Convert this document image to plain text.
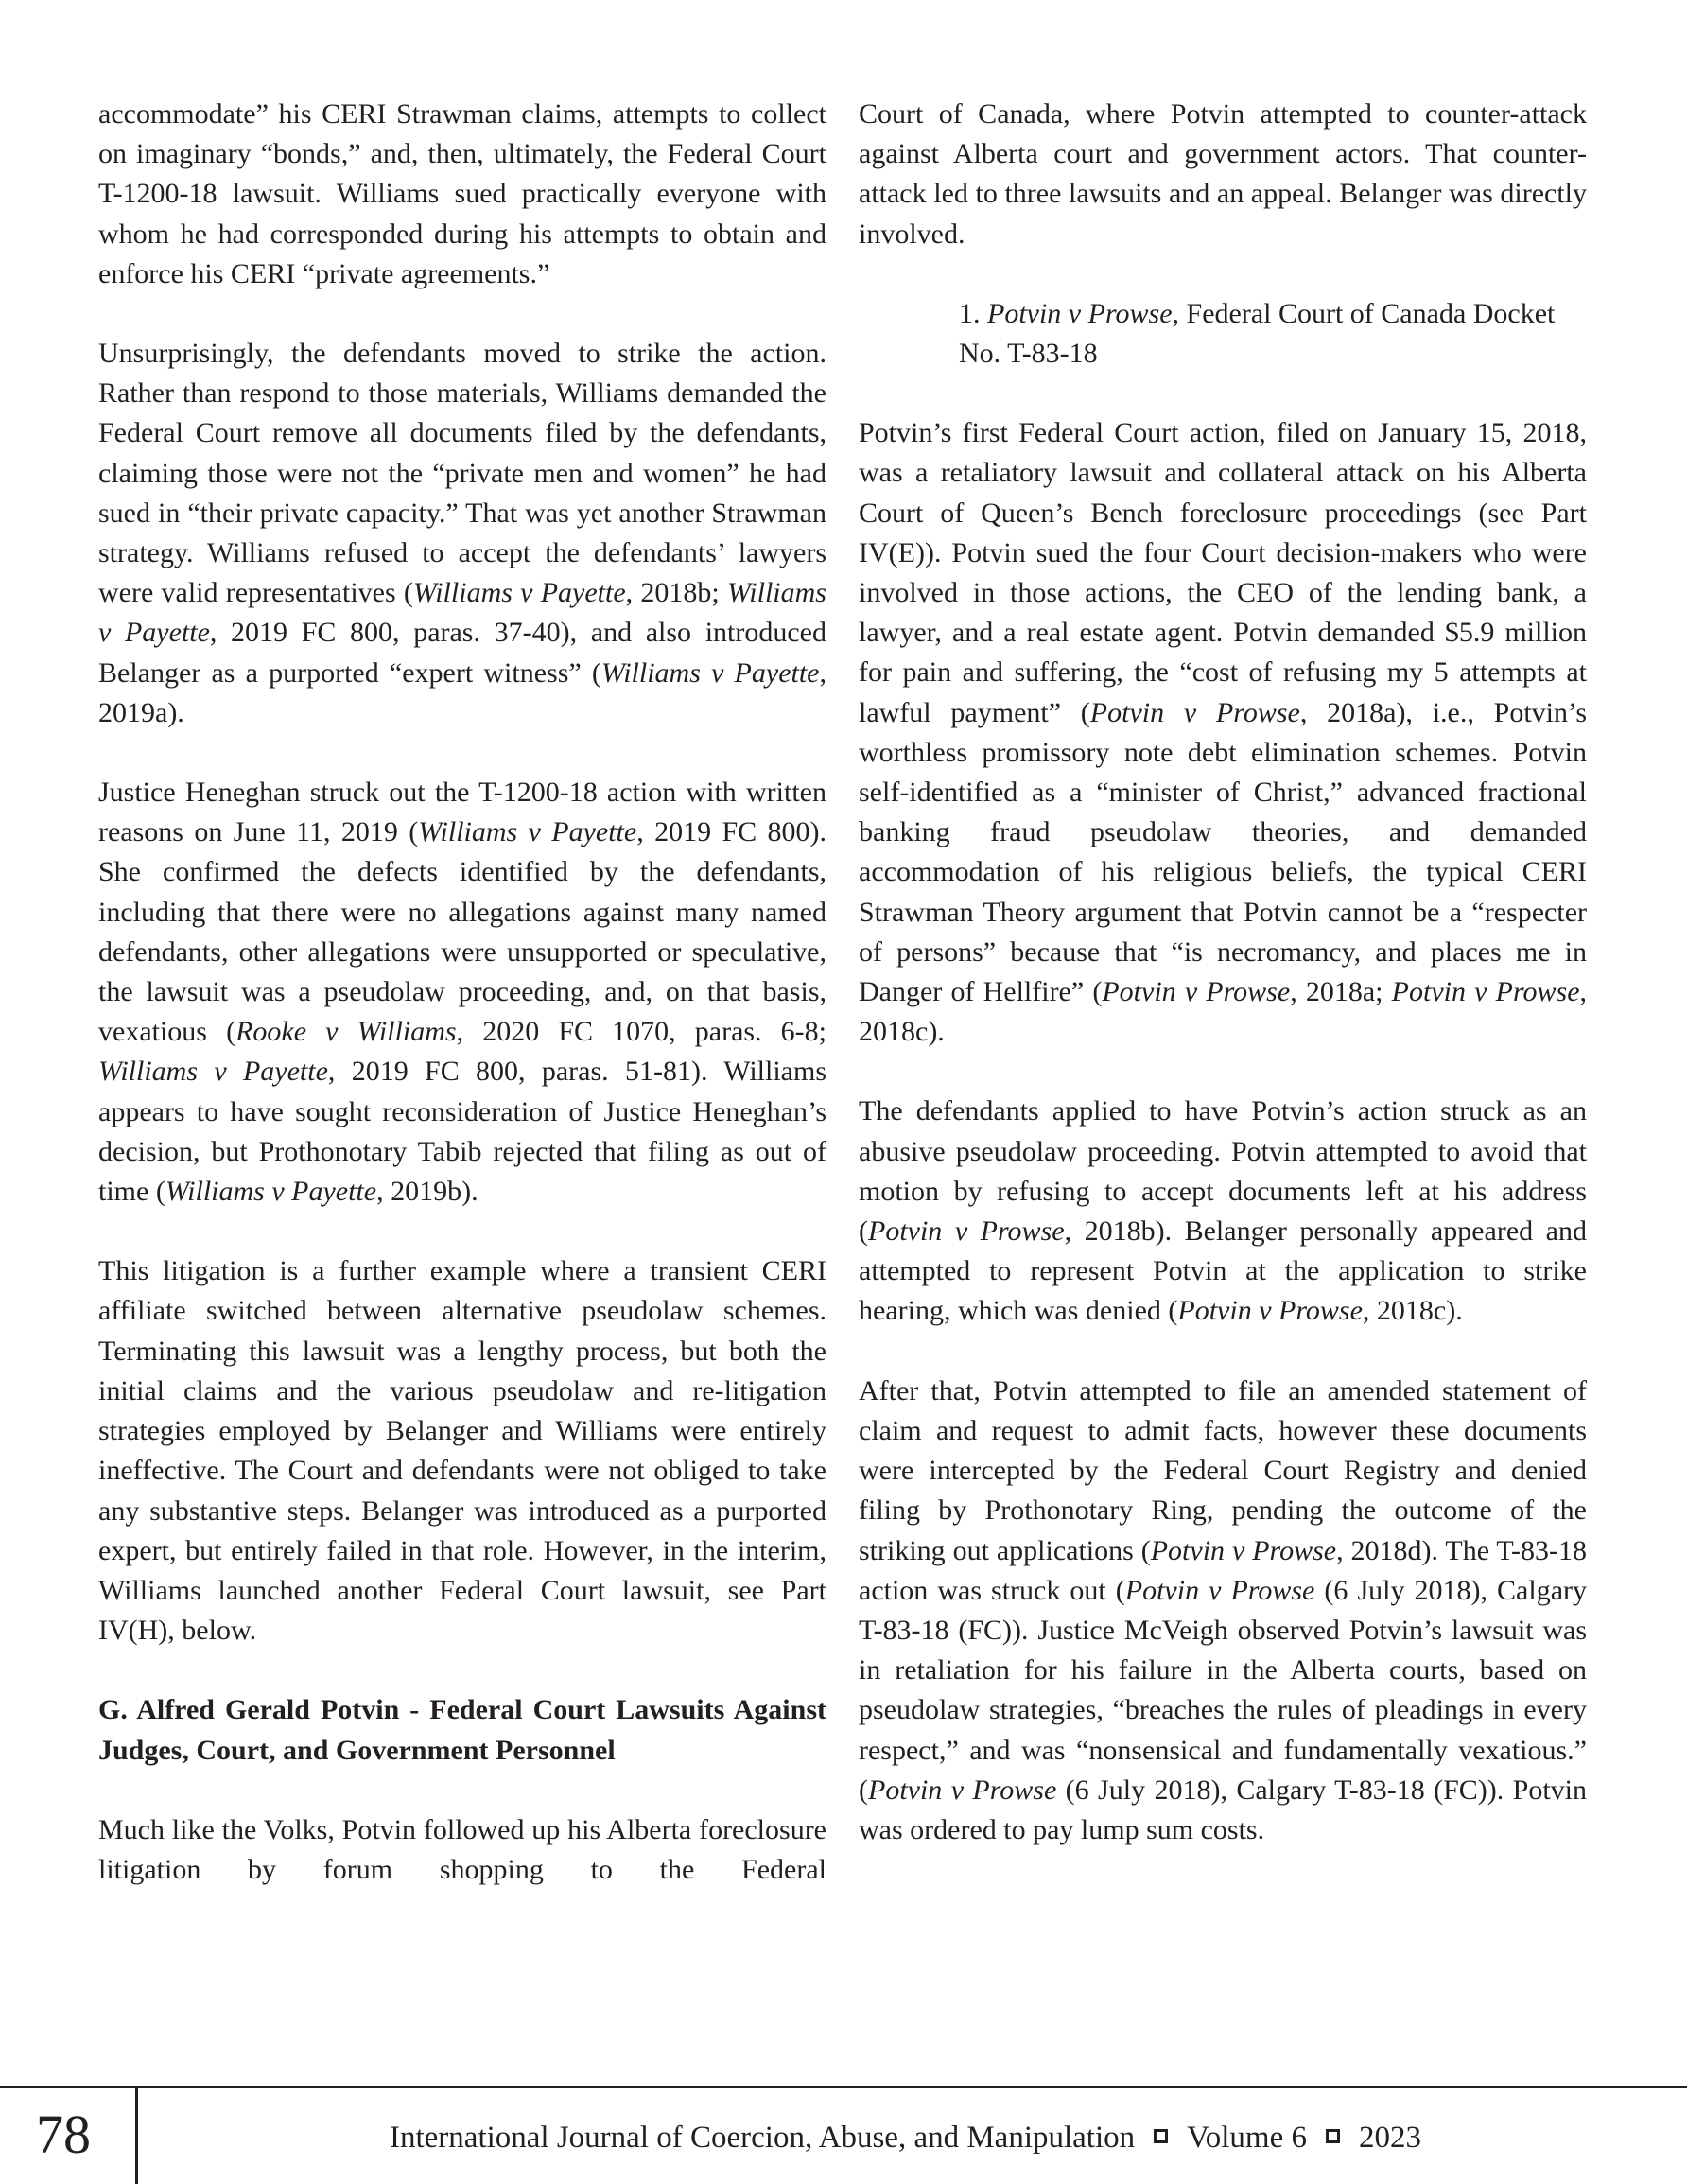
accommodate” his CERI Strawman claims, attempts to collect on imaginary “bonds,” and, then, ultimately, the Federal Court T-1200-18 lawsuit. Williams sued practically everyone with whom he had corresponded during his attempts to obtain and enforce his CERI “private agreements.”

Unsurprisingly, the defendants moved to strike the action. Rather than respond to those materials, Williams demanded the Federal Court remove all documents filed by the defendants, claiming those were not the “private men and women” he had sued in “their private capacity.” That was yet another Strawman strategy. Williams refused to accept the defendants’ lawyers were valid representatives (Williams v Payette, 2018b; Williams v Payette, 2019 FC 800, paras. 37-40), and also introduced Belanger as a purported “expert witness” (Williams v Payette, 2019a).

Justice Heneghan struck out the T-1200-18 action with written reasons on June 11, 2019 (Williams v Payette, 2019 FC 800). She confirmed the defects identified by the defendants, including that there were no allegations against many named defendants, other allegations were unsupported or speculative, the lawsuit was a pseudolaw proceeding, and, on that basis, vexatious (Rooke v Williams, 2020 FC 1070, paras. 6-8; Williams v Payette, 2019 FC 800, paras. 51-81). Williams appears to have sought reconsideration of Justice Heneghan’s decision, but Prothonotary Tabib rejected that filing as out of time (Williams v Payette, 2019b).

This litigation is a further example where a transient CERI affiliate switched between alternative pseudolaw schemes. Terminating this lawsuit was a lengthy process, but both the initial claims and the various pseudolaw and re-litigation strategies employed by Belanger and Williams were entirely ineffective. The Court and defendants were not obliged to take any substantive steps. Belanger was introduced as a purported expert, but entirely failed in that role. However, in the interim, Williams launched another Federal Court lawsuit, see Part IV(H), below.

G. Alfred Gerald Potvin - Federal Court Lawsuits Against Judges, Court, and Government Personnel

Much like the Volks, Potvin followed up his Alberta foreclosure litigation by forum shopping to the Federal

Court of Canada, where Potvin attempted to counter-attack against Alberta court and government actors. That counter-attack led to three lawsuits and an appeal. Belanger was directly involved.

1. Potvin v Prowse, Federal Court of Canada Docket No. T-83-18

Potvin’s first Federal Court action, filed on January 15, 2018, was a retaliatory lawsuit and collateral attack on his Alberta Court of Queen’s Bench foreclosure proceedings (see Part IV(E)). Potvin sued the four Court decision-makers who were involved in those actions, the CEO of the lending bank, a lawyer, and a real estate agent. Potvin demanded $5.9 million for pain and suffering, the “cost of refusing my 5 attempts at lawful payment” (Potvin v Prowse, 2018a), i.e., Potvin’s worthless promissory note debt elimination schemes. Potvin self-identified as a “minister of Christ,” advanced fractional banking fraud pseudolaw theories, and demanded accommodation of his religious beliefs, the typical CERI Strawman Theory argument that Potvin cannot be a “respecter of persons” because that “is necromancy, and places me in Danger of Hellfire” (Potvin v Prowse, 2018a; Potvin v Prowse, 2018c).

The defendants applied to have Potvin’s action struck as an abusive pseudolaw proceeding. Potvin attempted to avoid that motion by refusing to accept documents left at his address (Potvin v Prowse, 2018b). Belanger personally appeared and attempted to represent Potvin at the application to strike hearing, which was denied (Potvin v Prowse, 2018c).

After that, Potvin attempted to file an amended statement of claim and request to admit facts, however these documents were intercepted by the Federal Court Registry and denied filing by Prothonotary Ring, pending the outcome of the striking out applications (Potvin v Prowse, 2018d). The T-83-18 action was struck out (Potvin v Prowse (6 July 2018), Calgary T-83-18 (FC)). Justice McVeigh observed Potvin’s lawsuit was in retaliation for his failure in the Alberta courts, based on pseudolaw strategies, “breaches the rules of pleadings in every respect,” and was “nonsensical and fundamentally vexatious.” (Potvin v Prowse (6 July 2018), Calgary T-83-18 (FC)). Potvin was ordered to pay lump sum costs.

78	International Journal of Coercion, Abuse, and Manipulation Volume 6 2023
